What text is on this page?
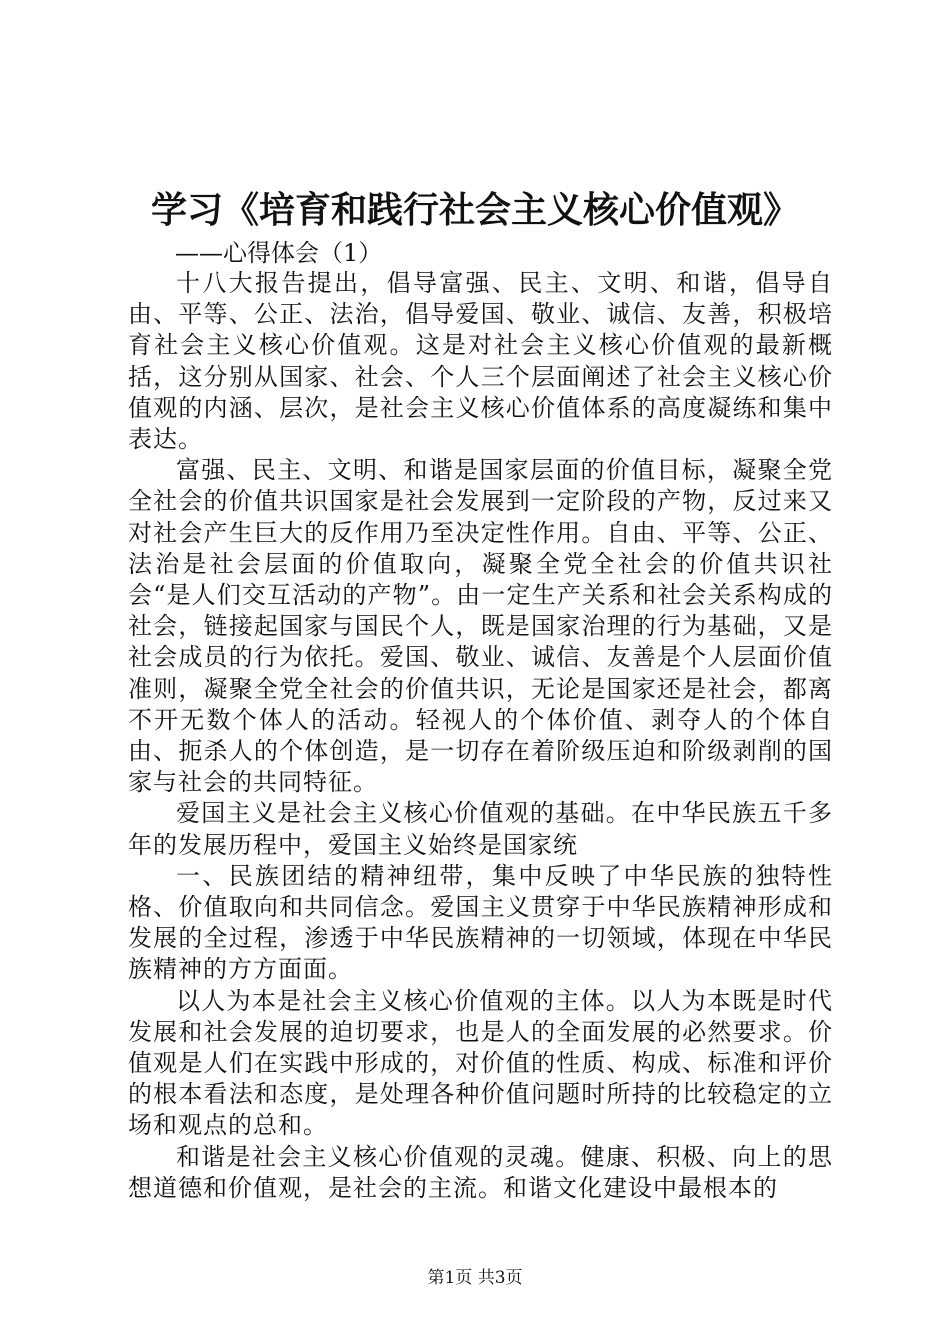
学习《培育和践行社会主义核心价值观》

——心得体会（1）

十八大报告提出，倡导富强、民主、文明、和谐，倡导自由、平等、公正、法治，倡导爱国、敬业、诚信、友善，积极培育社会主义核心价值观。这是对社会主义核心价值观的最新概括，这分别从国家、社会、个人三个层面阐述了社会主义核心价值观的内涵、层次，是社会主义核心价值体系的高度凝练和集中表达。

富强、民主、文明、和谐是国家层面的价值目标，凝聚全党全社会的价值共识国家是社会发展到一定阶段的产物，反过来又对社会产生巨大的反作用乃至决定性作用。自由、平等、公正、法治是社会层面的价值取向，凝聚全党全社会的价值共识社会“是人们交互活动的产物”。由一定生产关系和社会关系构成的社会，链接起国家与国民个人，既是国家治理的行为基础，又是社会成员的行为依托。爱国、敬业、诚信、友善是个人层面价值准则，凝聚全党全社会的价值共识，无论是国家还是社会，都离不开无数个体人的活动。轻视人的个体价值、剥夺人的个体自由、扼杀人的个体创造，是一切存在着阶级压迫和阶级剥削的国家与社会的共同特征。

爱国主义是社会主义核心价值观的基础。在中华民族五千多年的发展历程中，爱国主义始终是国家统

一、民族团结的精神纽带，集中反映了中华民族的独特性格、价值取向和共同信念。爱国主义贯穿于中华民族精神形成和发展的全过程，渗透于中华民族精神的一切领域，体现在中华民族精神的方方面面。

以人为本是社会主义核心价值观的主体。以人为本既是时代发展和社会发展的迫切要求，也是人的全面发展的必然要求。价值观是人们在实践中形成的，对价值的性质、构成、标准和评价的根本看法和态度，是处理各种价值问题时所持的比较稳定的立场和观点的总和。

和谐是社会主义核心价值观的灵魂。健康、积极、向上的思想道德和价值观，是社会的主流。和谐文化建设中最根本的

第1页 共3页
